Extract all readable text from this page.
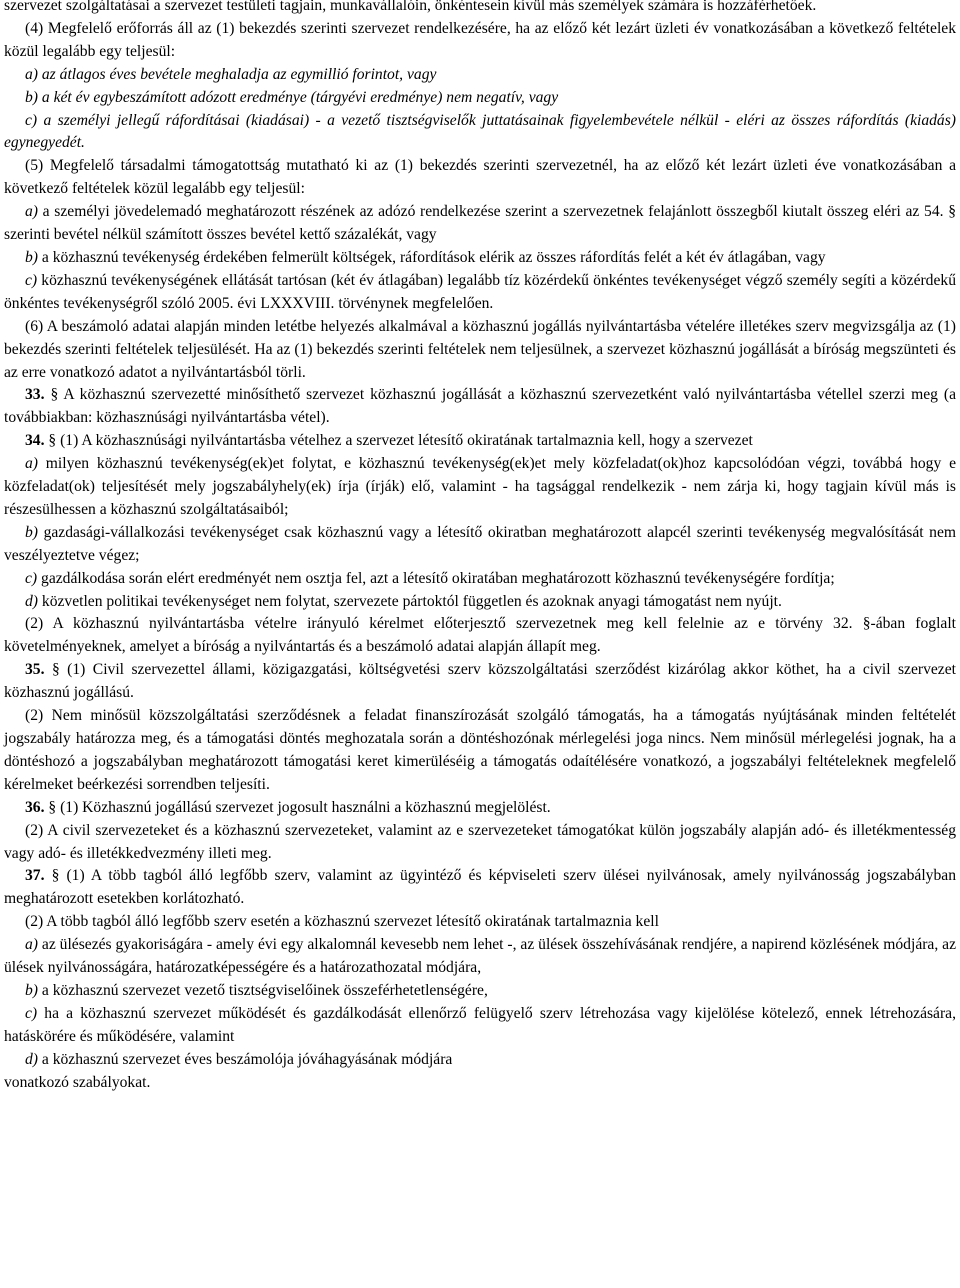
szervezet szolgáltatásai a szervezet testületi tagjain, munkavállalóin, önkéntesein kívül más személyek számára is hozzáférhetőek.

(4) Megfelelő erőforrás áll az (1) bekezdés szerinti szervezet rendelkezésére, ha az előző két lezárt üzleti év vonatkozásában a következő feltételek közül legalább egy teljesül:

a) az átlagos éves bevétele meghaladja az egymillió forintot, vagy

b) a két év egybeszámított adózott eredménye (tárgyévi eredménye) nem negatív, vagy

c) a személyi jellegű ráfordításai (kiadásai) - a vezető tisztségviselők juttatásainak figyelembevétele nélkül - eléri az összes ráfordítás (kiadás) egynegyedét.

(5) Megfelelő társadalmi támogatottság mutatható ki az (1) bekezdés szerinti szervezetnél, ha az előző két lezárt üzleti éve vonatkozásában a következő feltételek közül legalább egy teljesül:

a) a személyi jövedelemadó meghatározott részének az adózó rendelkezése szerint a szervezetnek felajánlott összegből kiutalt összeg eléri az 54. § szerinti bevétel nélkül számított összes bevétel kettő százalékát, vagy

b) a közhasznú tevékenység érdekében felmerült költségek, ráfordítások elérik az összes ráfordítás felét a két év átlagában, vagy

c) közhasznú tevékenységének ellátását tartósan (két év átlagában) legalább tíz közérdekű önkéntes tevékenységet végző személy segíti a közérdekű önkéntes tevékenységről szóló 2005. évi LXXXVIII. törvénynek megfelelően.

(6) A beszámoló adatai alapján minden letétbe helyezés alkalmával a közhasznú jogállás nyilvántartásba vételére illetékes szerv megvizsgálja az (1) bekezdés szerinti feltételek teljesülését. Ha az (1) bekezdés szerinti feltételek nem teljesülnek, a szervezet közhasznú jogállását a bíróság megszünteti és az erre vonatkozó adatot a nyilvántartásból törli.

33. § A közhasznú szervezetté minősíthető szervezet közhasznú jogállását a közhasznú szervezetként való nyilvántartásba vétellel szerzi meg (a továbbiakban: közhasznúsági nyilvántartásba vétel).

34. § (1) A közhasznúsági nyilvántartásba vételhez a szervezet létesítő okiratának tartalmaznia kell, hogy a szervezet

a) milyen közhasznú tevékenység(ek)et folytat, e közhasznú tevékenység(ek)et mely közfeladat(ok)hoz kapcsolódóan végzi, továbbá hogy e közfeladat(ok) teljesítését mely jogszabályhely(ek) írja (írják) elő, valamint - ha tagsággal rendelkezik - nem zárja ki, hogy tagjain kívül más is részesülhessen a közhasznú szolgáltatásaiból;

b) gazdasági-vállalkozási tevékenységet csak közhasznú vagy a létesítő okiratban meghatározott alapcél szerinti tevékenység megvalósítását nem veszélyeztetve végez;

c) gazdálkodása során elért eredményét nem osztja fel, azt a létesítő okiratában meghatározott közhasznú tevékenységére fordítja;

d) közvetlen politikai tevékenységet nem folytat, szervezete pártoktól független és azoknak anyagi támogatást nem nyújt.

(2) A közhasznú nyilvántartásba vételre irányuló kérelmet előterjesztő szervezetnek meg kell felelnie az e törvény 32. §-ában foglalt követelményeknek, amelyet a bíróság a nyilvántartás és a beszámoló adatai alapján állapít meg.

35. § (1) Civil szervezettel állami, közigazgatási, költségvetési szerv közszolgáltatási szerződést kizárólag akkor köthet, ha a civil szervezet közhasznú jogállású.

(2) Nem minősül közszolgáltatási szerződésnek a feladat finanszírozását szolgáló támogatás, ha a támogatás nyújtásának minden feltételét jogszabály határozza meg, és a támogatási döntés meghozatala során a döntéshozónak mérlegelési joga nincs. Nem minősül mérlegelési jognak, ha a döntéshozó a jogszabályban meghatározott támogatási keret kimerüléséig a támogatás odaítélésére vonatkozó, a jogszabályi feltételeknek megfelelő kérelmeket beérkezési sorrendben teljesíti.

36. § (1) Közhasznú jogállású szervezet jogosult használni a közhasznú megjelölést.

(2) A civil szervezeteket és a közhasznú szervezeteket, valamint az e szervezeteket támogatókat külön jogszabály alapján adó- és illetékmentesség vagy adó- és illetékkedvezmény illeti meg.

37. § (1) A több tagból álló legfőbb szerv, valamint az ügyintéző és képviseleti szerv ülései nyilvánosak, amely nyilvánosság jogszabályban meghatározott esetekben korlátozható.

(2) A több tagból álló legfőbb szerv esetén a közhasznú szervezet létesítő okiratának tartalmaznia kell

a) az ülésezés gyakoriságára - amely évi egy alkalomnál kevesebb nem lehet -, az ülések összehívásának rendjére, a napirend közlésének módjára, az ülések nyilvánosságára, határozatképességére és a határozathozatal módjára,

b) a közhasznú szervezet vezető tisztségviselőinek összeférhetetlenségére,

c) ha a közhasznú szervezet működését és gazdálkodását ellenőrző felügyelő szerv létrehozása vagy kijelölése kötelező, ennek létrehozására, hatáskörére és működésére, valamint

d) a közhasznú szervezet éves beszámolója jóváhagyásának módjára

vonatkozó szabályokat.
